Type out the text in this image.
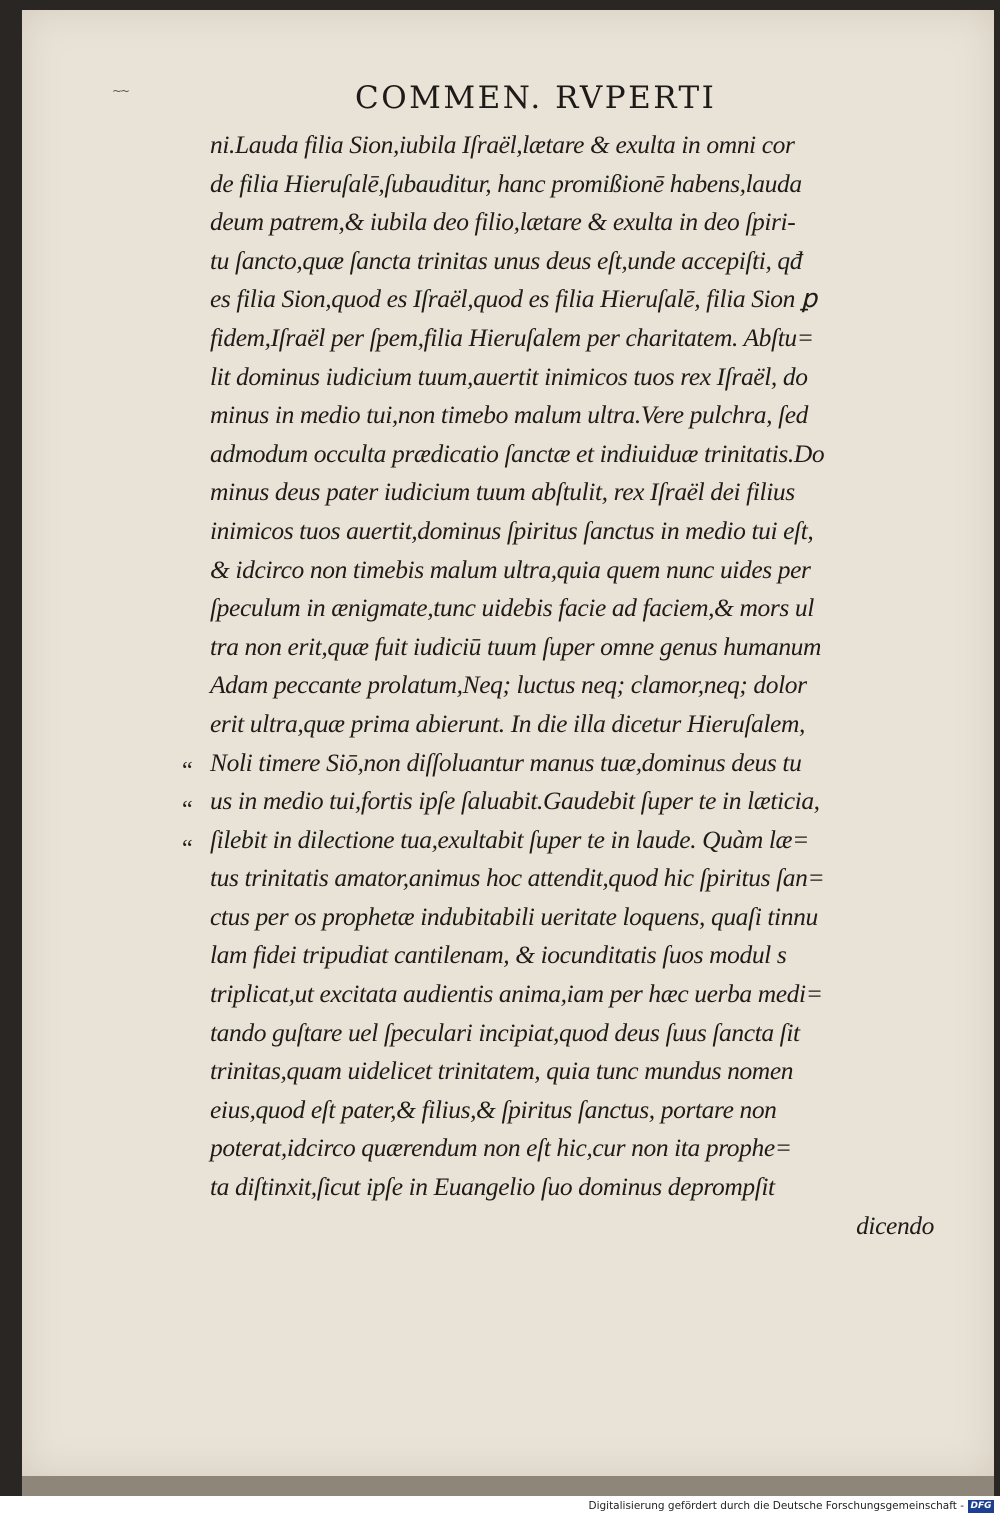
~~	COMMEN. RVPERTI
ni.Lauda filia Sion,iubila Iſraël,lætare & exulta in omni cor
de filia Hieruſalē,ſubauditur, hanc promißionē habens,lauda
deum patrem,& iubila deo filio,lætare & exulta in deo ſpiri-
tu ſancto,quæ ſancta trinitas unus deus eſt,unde accepiſti, qđ
es filia Sion,quod es Iſraël,quod es filia Hieruſalē, filia Sion ꝑ
fidem,Iſraël per ſpem,filia Hieruſalem per charitatem. Abſtu=
lit dominus iudicium tuum,auertit inimicos tuos rex Iſraël, do
minus in medio tui,non timebo malum ultra.Vere pulchra, ſed
admodum occulta prædicatio ſanctæ et indiuiduæ trinitatis.Do
minus deus pater iudicium tuum abſtulit, rex Iſraël dei filius
inimicos tuos auertit,dominus ſpiritus ſanctus in medio tui eſt,
& idcirco non timebis malum ultra,quia quem nunc uides per
ſpeculum in ænigmate,tunc uidebis facie ad faciem,& mors ul
tra non erit,quæ fuit iudiciū tuum ſuper omne genus humanum
Adam peccante prolatum,Neq; luctus neq; clamor,neq; dolor
erit ultra,quæ prima abierunt. In die illa dicetur Hieruſalem,
Noli timere Siō,non diſſoluantur manus tuæ,dominus deus tu
us in medio tui,fortis ipſe ſaluabit.Gaudebit ſuper te in læticia,
ſilebit in dilectione tua,exultabit ſuper te in laude. Quàm læ=
tus trinitatis amator,animus hoc attendit,quod hic ſpiritus ſan=
ctus per os prophetæ indubitabili ueritate loquens, quaſi tinnu
lam fidei tripudiat cantilenam, & iocunditatis ſuos modul s
triplicat,ut excitata audientis anima,iam per hæc uerba medi=
tando guſtare uel ſpeculari incipiat,quod deus ſuus ſancta ſit
trinitas,quam uidelicet trinitatem, quia tunc mundus nomen
eius,quod eſt pater,& filius,& ſpiritus ſanctus, portare non
poterat,idcirco quærendum non eſt hic,cur non ita prophe=
ta diſtinxit,ſicut ipſe in Euangelio ſuo dominus deprompſit
dicendo
“
“
“
Digitalisierung gefördert durch die Deutsche Forschungsgemeinschaft - DFG
